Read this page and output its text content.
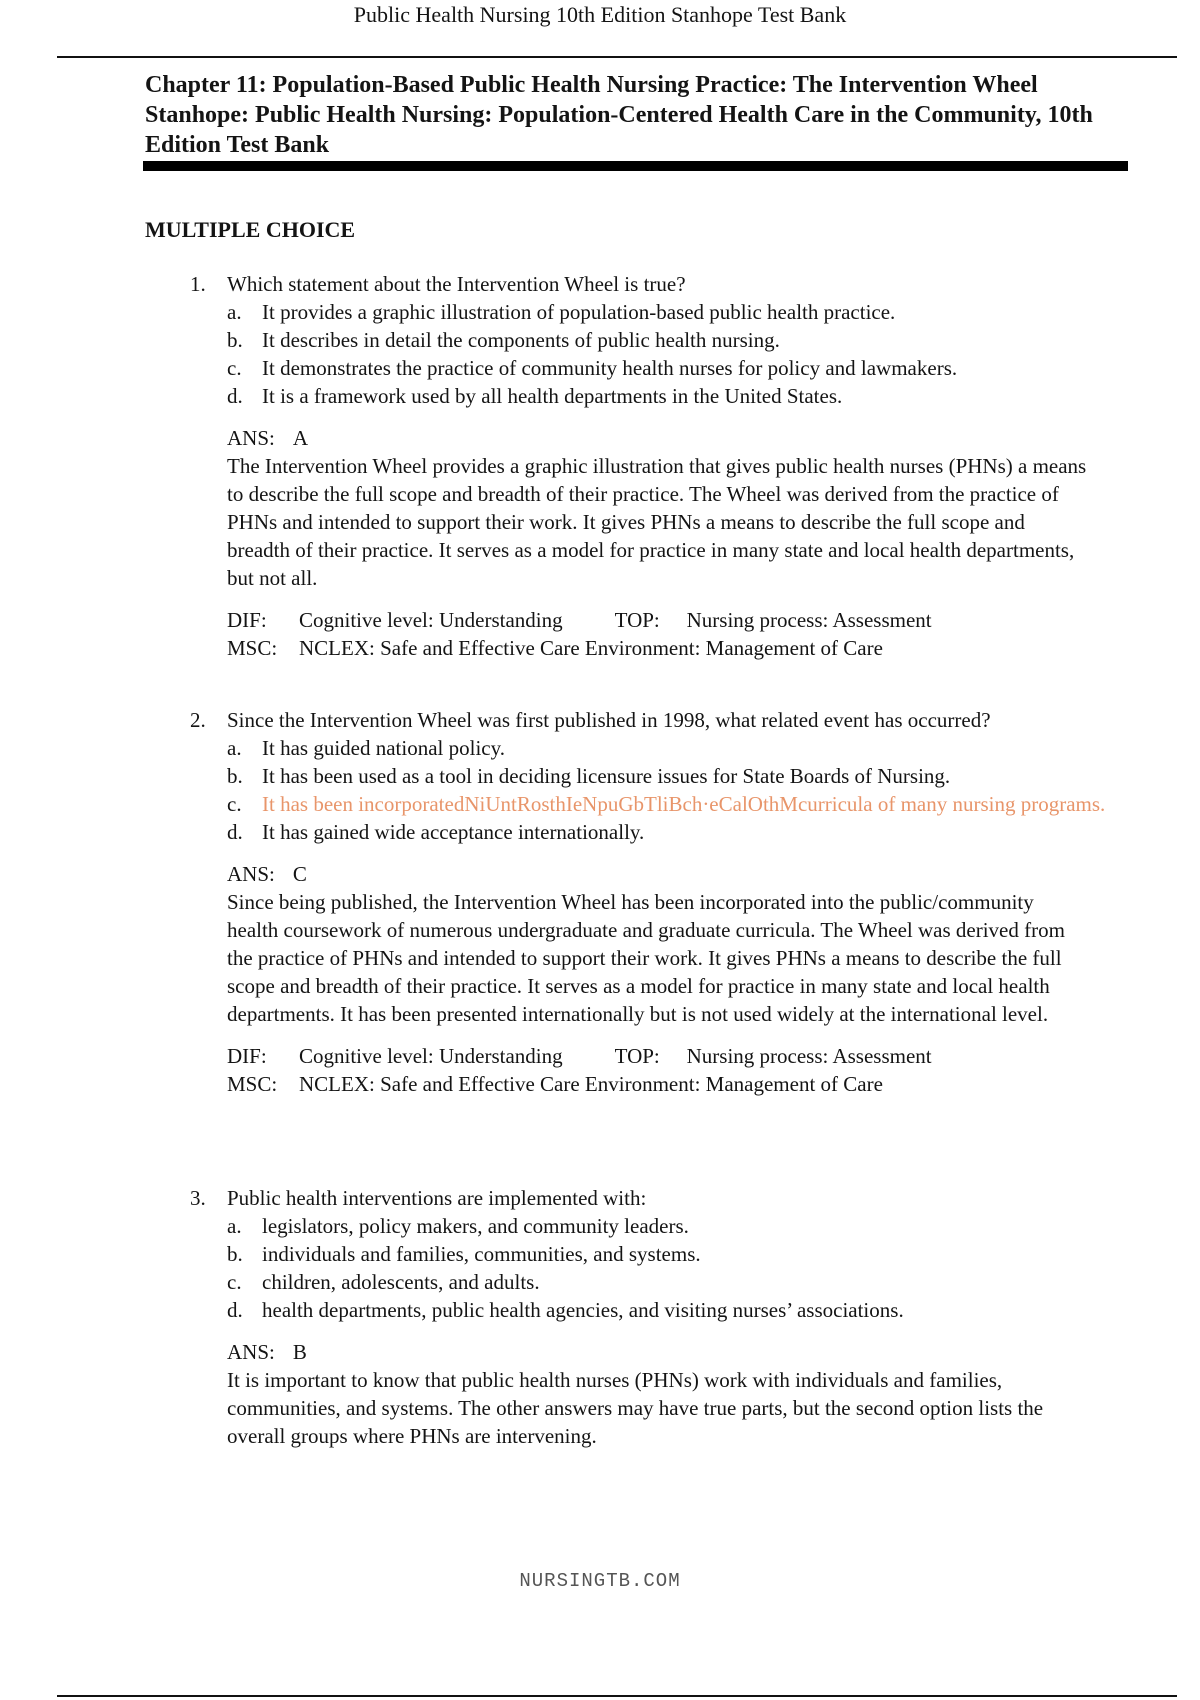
Public Health Nursing 10th Edition Stanhope Test Bank
Chapter 11: Population-Based Public Health Nursing Practice: The Intervention Wheel Stanhope: Public Health Nursing: Population-Centered Health Care in the Community, 10th Edition Test Bank
MULTIPLE CHOICE
1. Which statement about the Intervention Wheel is true?
a. It provides a graphic illustration of population-based public health practice.
b. It describes in detail the components of public health nursing.
c. It demonstrates the practice of community health nurses for policy and lawmakers.
d. It is a framework used by all health departments in the United States.
ANS: A
The Intervention Wheel provides a graphic illustration that gives public health nurses (PHNs) a means to describe the full scope and breadth of their practice. The Wheel was derived from the practice of PHNs and intended to support their work. It gives PHNs a means to describe the full scope and breadth of their practice. It serves as a model for practice in many state and local health departments, but not all.
DIF: Cognitive level: Understanding TOP: Nursing process: Assessment
MSC: NCLEX: Safe and Effective Care Environment: Management of Care
2. Since the Intervention Wheel was first published in 1998, what related event has occurred?
a. It has guided national policy.
b. It has been used as a tool in deciding licensure issues for State Boards of Nursing.
c. It has been incorporatedNiUntRosthIeNpuGbTliBch·eCalOthMcurricula of many nursing programs.
d. It has gained wide acceptance internationally.
ANS: C
Since being published, the Intervention Wheel has been incorporated into the public/community health coursework of numerous undergraduate and graduate curricula. The Wheel was derived from the practice of PHNs and intended to support their work. It gives PHNs a means to describe the full scope and breadth of their practice. It serves as a model for practice in many state and local health departments. It has been presented internationally but is not used widely at the international level.
DIF: Cognitive level: Understanding TOP: Nursing process: Assessment
MSC: NCLEX: Safe and Effective Care Environment: Management of Care
3. Public health interventions are implemented with:
a. legislators, policy makers, and community leaders.
b. individuals and families, communities, and systems.
c. children, adolescents, and adults.
d. health departments, public health agencies, and visiting nurses’ associations.
ANS: B
It is important to know that public health nurses (PHNs) work with individuals and families, communities, and systems. The other answers may have true parts, but the second option lists the overall groups where PHNs are intervening.
NURSINGTB.COM
